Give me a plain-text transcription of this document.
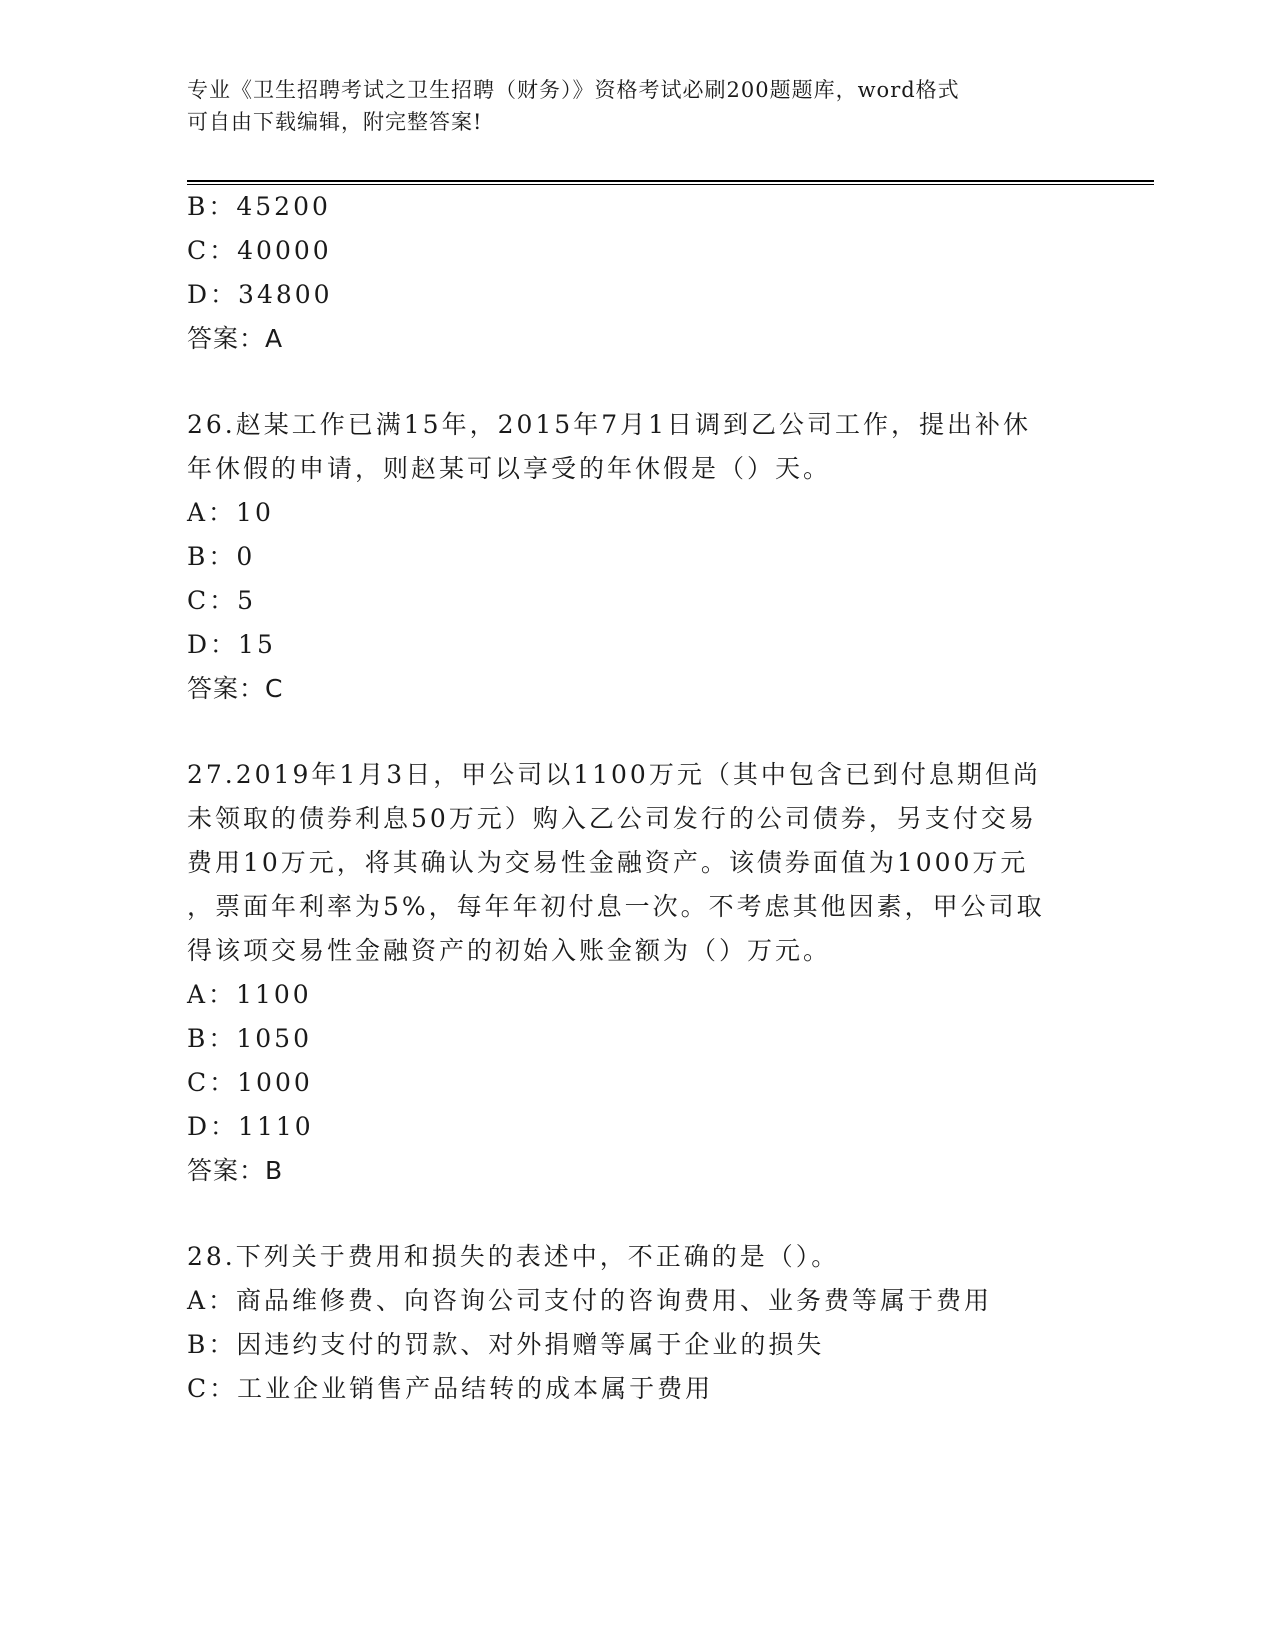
专业《卫生招聘考试之卫生招聘（财务）》资格考试必刷200题题库，word格式
可自由下载编辑，附完整答案!
B：45200
C：40000
D：34800
答案：A
26.赵某工作已满15年，2015年7月1日调到乙公司工作，提出补休
年休假的申请，则赵某可以享受的年休假是（）天。
A：10
B：0
C：5
D：15
答案：C
27.2019年1月3日，甲公司以1100万元（其中包含已到付息期但尚
未领取的债券利息50万元）购入乙公司发行的公司债券，另支付交易
费用10万元，将其确认为交易性金融资产。该债券面值为1000万元
，票面年利率为5%，每年年初付息一次。不考虑其他因素，甲公司取
得该项交易性金融资产的初始入账金额为（）万元。
A：1100
B：1050
C：1000
D：1110
答案：B
28.下列关于费用和损失的表述中，不正确的是（）。
A：商品维修费、向咨询公司支付的咨询费用、业务费等属于费用
B：因违约支付的罚款、对外捐赠等属于企业的损失
C：工业企业销售产品结转的成本属于费用
